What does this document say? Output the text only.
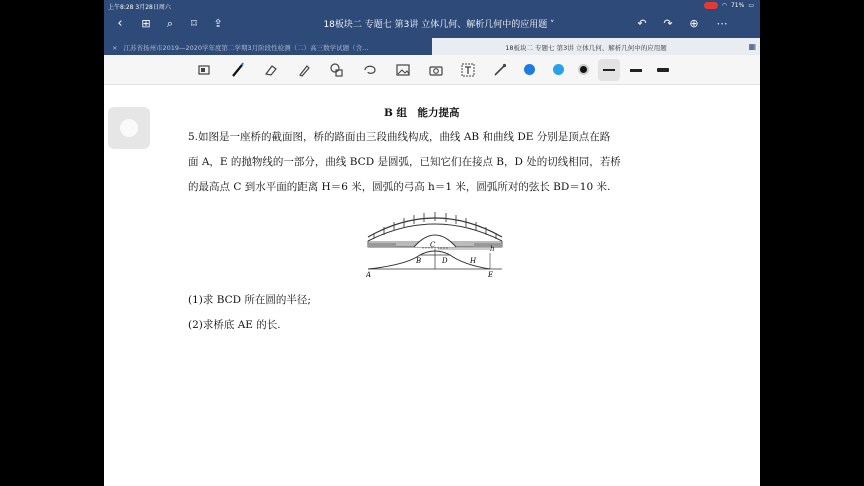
上午8:28 3月28日周六	◠ 71% ▭
‹	⊞	⌕	⌑	⇪	18板块二 专题七 第3讲 立体几何、解析几何中的应用题 ˅	↶	↷	⊕	⋯
× 江苏省扬州市2019—2020学年度第二学期3月阶段性检测（二）高三数学试题（含...	18板块二 专题七 第3讲 立体几何、解析几何中的应用题	▦
B 组　能力提高
5.如图是一座桥的截面图，桥的路面由三段曲线构成，曲线 AB 和曲线 DE 分别是顶点在路
面 A，E 的抛物线的一部分，曲线 BCD 是圆弧，已知它们在接点 B，D 处的切线相同，若桥
的最高点 C 到水平面的距离 H＝6 米，圆弧的弓高 h＝1 米，圆弧所对的弦长 BD＝10 米.
A
B
C
D
E
H
h
(1)求 BCD 所在圆的半径;
(2)求桥底 AE 的长.
